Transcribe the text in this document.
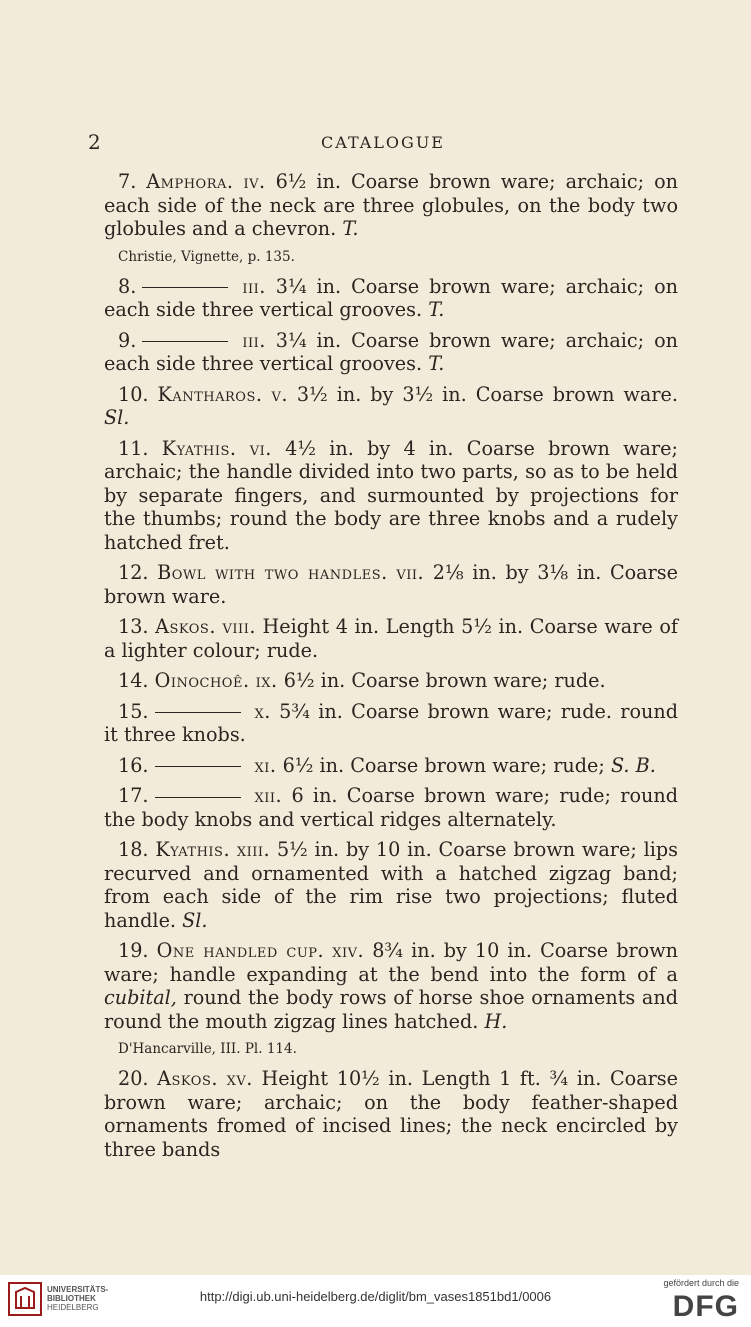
2	CATALOGUE

7. Amphora. iv. 6½ in. Coarse brown ware; archaic; on each side of the neck are three globules, on the body two globules and a chevron. T.

Christie, Vignette, p. 135.

8.	iii. 3¼ in. Coarse brown ware; archaic; on each side three vertical grooves. T.

9.	iii. 3¼ in. Coarse brown ware; archaic; on each side three vertical grooves. T.

10. Kantharos. v. 3½ in. by 3½ in. Coarse brown ware. Sl.

11. Kyathis. vi. 4½ in. by 4 in. Coarse brown ware; archaic; the handle divided into two parts, so as to be held by separate fingers, and surmounted by projections for the thumbs; round the body are three knobs and a rudely hatched fret.

12. Bowl with two handles. vii. 2⅛ in. by 3⅛ in. Coarse brown ware.

13. Askos. viii. Height 4 in. Length 5½ in. Coarse ware of a lighter colour; rude.

14. Oinochoê. ix. 6½ in. Coarse brown ware; rude.

15.	x. 5¾ in. Coarse brown ware; rude. round it three knobs.

16.	xi. 6½ in. Coarse brown ware; rude; S. B.

17.	xii. 6 in. Coarse brown ware; rude; round the body knobs and vertical ridges alternately.

18. Kyathis. xiii. 5½ in. by 10 in. Coarse brown ware; lips recurved and ornamented with a hatched zigzag band; from each side of the rim rise two projections; fluted handle. Sl.

19. One handled cup. xiv. 8¾ in. by 10 in. Coarse brown ware; handle expanding at the bend into the form of a cubital, round the body rows of horse shoe ornaments and round the mouth zigzag lines hatched. H.

D'Hancarville, III. Pl. 114.

20. Askos. xv. Height 10½ in. Length 1 ft. ¾ in. Coarse brown ware; archaic; on the body feather-shaped ornaments fromed of incised lines; the neck encircled by three bands

UNIVERSITÄTS-
BIBLIOTHEK
HEIDELBERG
http://digi.ub.uni-heidelberg.de/diglit/bm_vases1851bd1/0006
gefördert durch die
DFG
